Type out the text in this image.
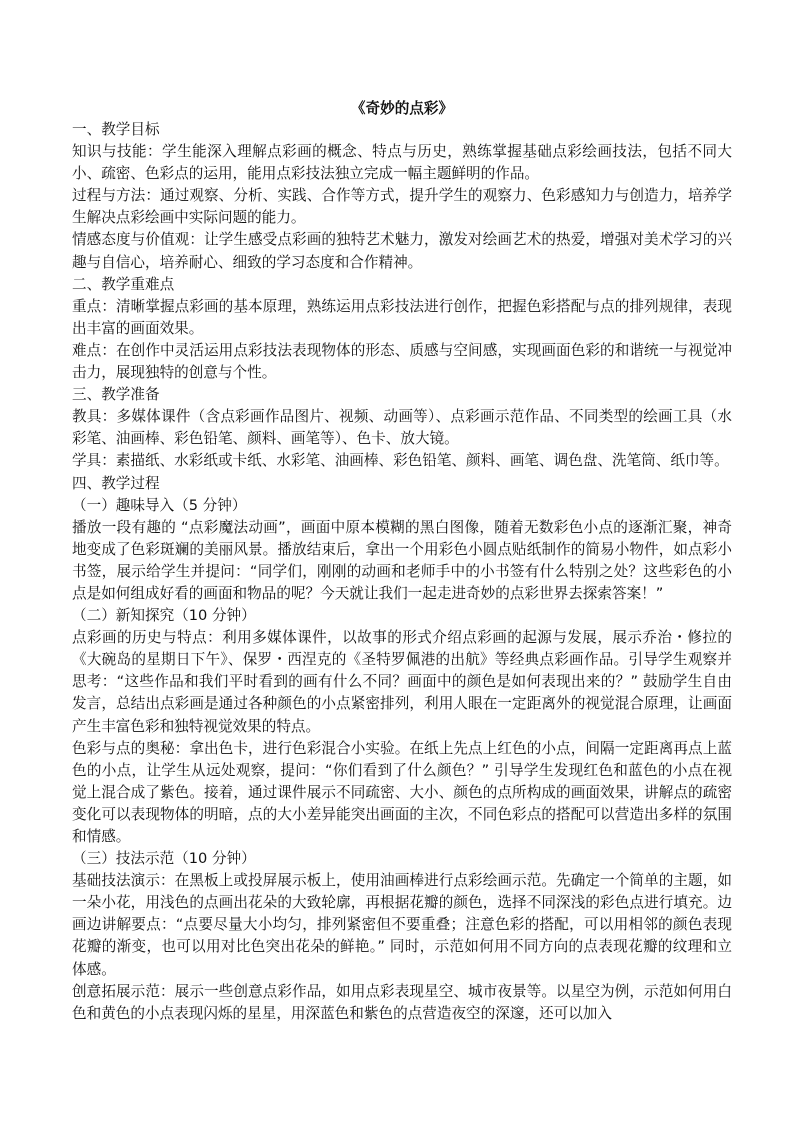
《奇妙的点彩》

一、教学目标

知识与技能：学生能深入理解点彩画的概念、特点与历史，熟练掌握基础点彩绘画技法，包括不同大小、疏密、色彩点的运用，能用点彩技法独立完成一幅主题鲜明的作品。

过程与方法：通过观察、分析、实践、合作等方式，提升学生的观察力、色彩感知力与创造力，培养学生解决点彩绘画中实际问题的能力。

情感态度与价值观：让学生感受点彩画的独特艺术魅力，激发对绘画艺术的热爱，增强对美术学习的兴趣与自信心，培养耐心、细致的学习态度和合作精神。

二、教学重难点

重点：清晰掌握点彩画的基本原理，熟练运用点彩技法进行创作，把握色彩搭配与点的排列规律，表现出丰富的画面效果。

难点：在创作中灵活运用点彩技法表现物体的形态、质感与空间感，实现画面色彩的和谐统一与视觉冲击力，展现独特的创意与个性。

三、教学准备

教具：多媒体课件（含点彩画作品图片、视频、动画等）、点彩画示范作品、不同类型的绘画工具（水彩笔、油画棒、彩色铅笔、颜料、画笔等）、色卡、放大镜。

学具：素描纸、水彩纸或卡纸、水彩笔、油画棒、彩色铅笔、颜料、画笔、调色盘、洗笔筒、纸巾等。

四、教学过程

（一）趣味导入（5 分钟）

播放一段有趣的 “点彩魔法动画”，画面中原本模糊的黑白图像，随着无数彩色小点的逐渐汇聚，神奇地变成了色彩斑斓的美丽风景。播放结束后，拿出一个用彩色小圆点贴纸制作的简易小物件，如点彩小书签，展示给学生并提问：“同学们，刚刚的动画和老师手中的小书签有什么特别之处？这些彩色的小点是如何组成好看的画面和物品的呢？今天就让我们一起走进奇妙的点彩世界去探索答案！”

（二）新知探究（10 分钟）

点彩画的历史与特点：利用多媒体课件，以故事的形式介绍点彩画的起源与发展，展示乔治・修拉的《大碗岛的星期日下午》、保罗・西涅克的《圣特罗佩港的出航》等经典点彩画作品。引导学生观察并思考：“这些作品和我们平时看到的画有什么不同？画面中的颜色是如何表现出来的？” 鼓励学生自由发言，总结出点彩画是通过各种颜色的小点紧密排列，利用人眼在一定距离外的视觉混合原理，让画面产生丰富色彩和独特视觉效果的特点。

色彩与点的奥秘：拿出色卡，进行色彩混合小实验。在纸上先点上红色的小点，间隔一定距离再点上蓝色的小点，让学生从远处观察，提问：“你们看到了什么颜色？” 引导学生发现红色和蓝色的小点在视觉上混合成了紫色。接着，通过课件展示不同疏密、大小、颜色的点所构成的画面效果，讲解点的疏密变化可以表现物体的明暗，点的大小差异能突出画面的主次，不同色彩点的搭配可以营造出多样的氛围和情感。

（三）技法示范（10 分钟）

基础技法演示：在黑板上或投屏展示板上，使用油画棒进行点彩绘画示范。先确定一个简单的主题，如一朵小花，用浅色的点画出花朵的大致轮廓，再根据花瓣的颜色，选择不同深浅的彩色点进行填充。边画边讲解要点：“点要尽量大小均匀，排列紧密但不要重叠；注意色彩的搭配，可以用相邻的颜色表现花瓣的渐变，也可以用对比色突出花朵的鲜艳。” 同时，示范如何用不同方向的点表现花瓣的纹理和立体感。

创意拓展示范：展示一些创意点彩作品，如用点彩表现星空、城市夜景等。以星空为例，示范如何用白色和黄色的小点表现闪烁的星星，用深蓝色和紫色的点营造夜空的深邃，还可以加入
